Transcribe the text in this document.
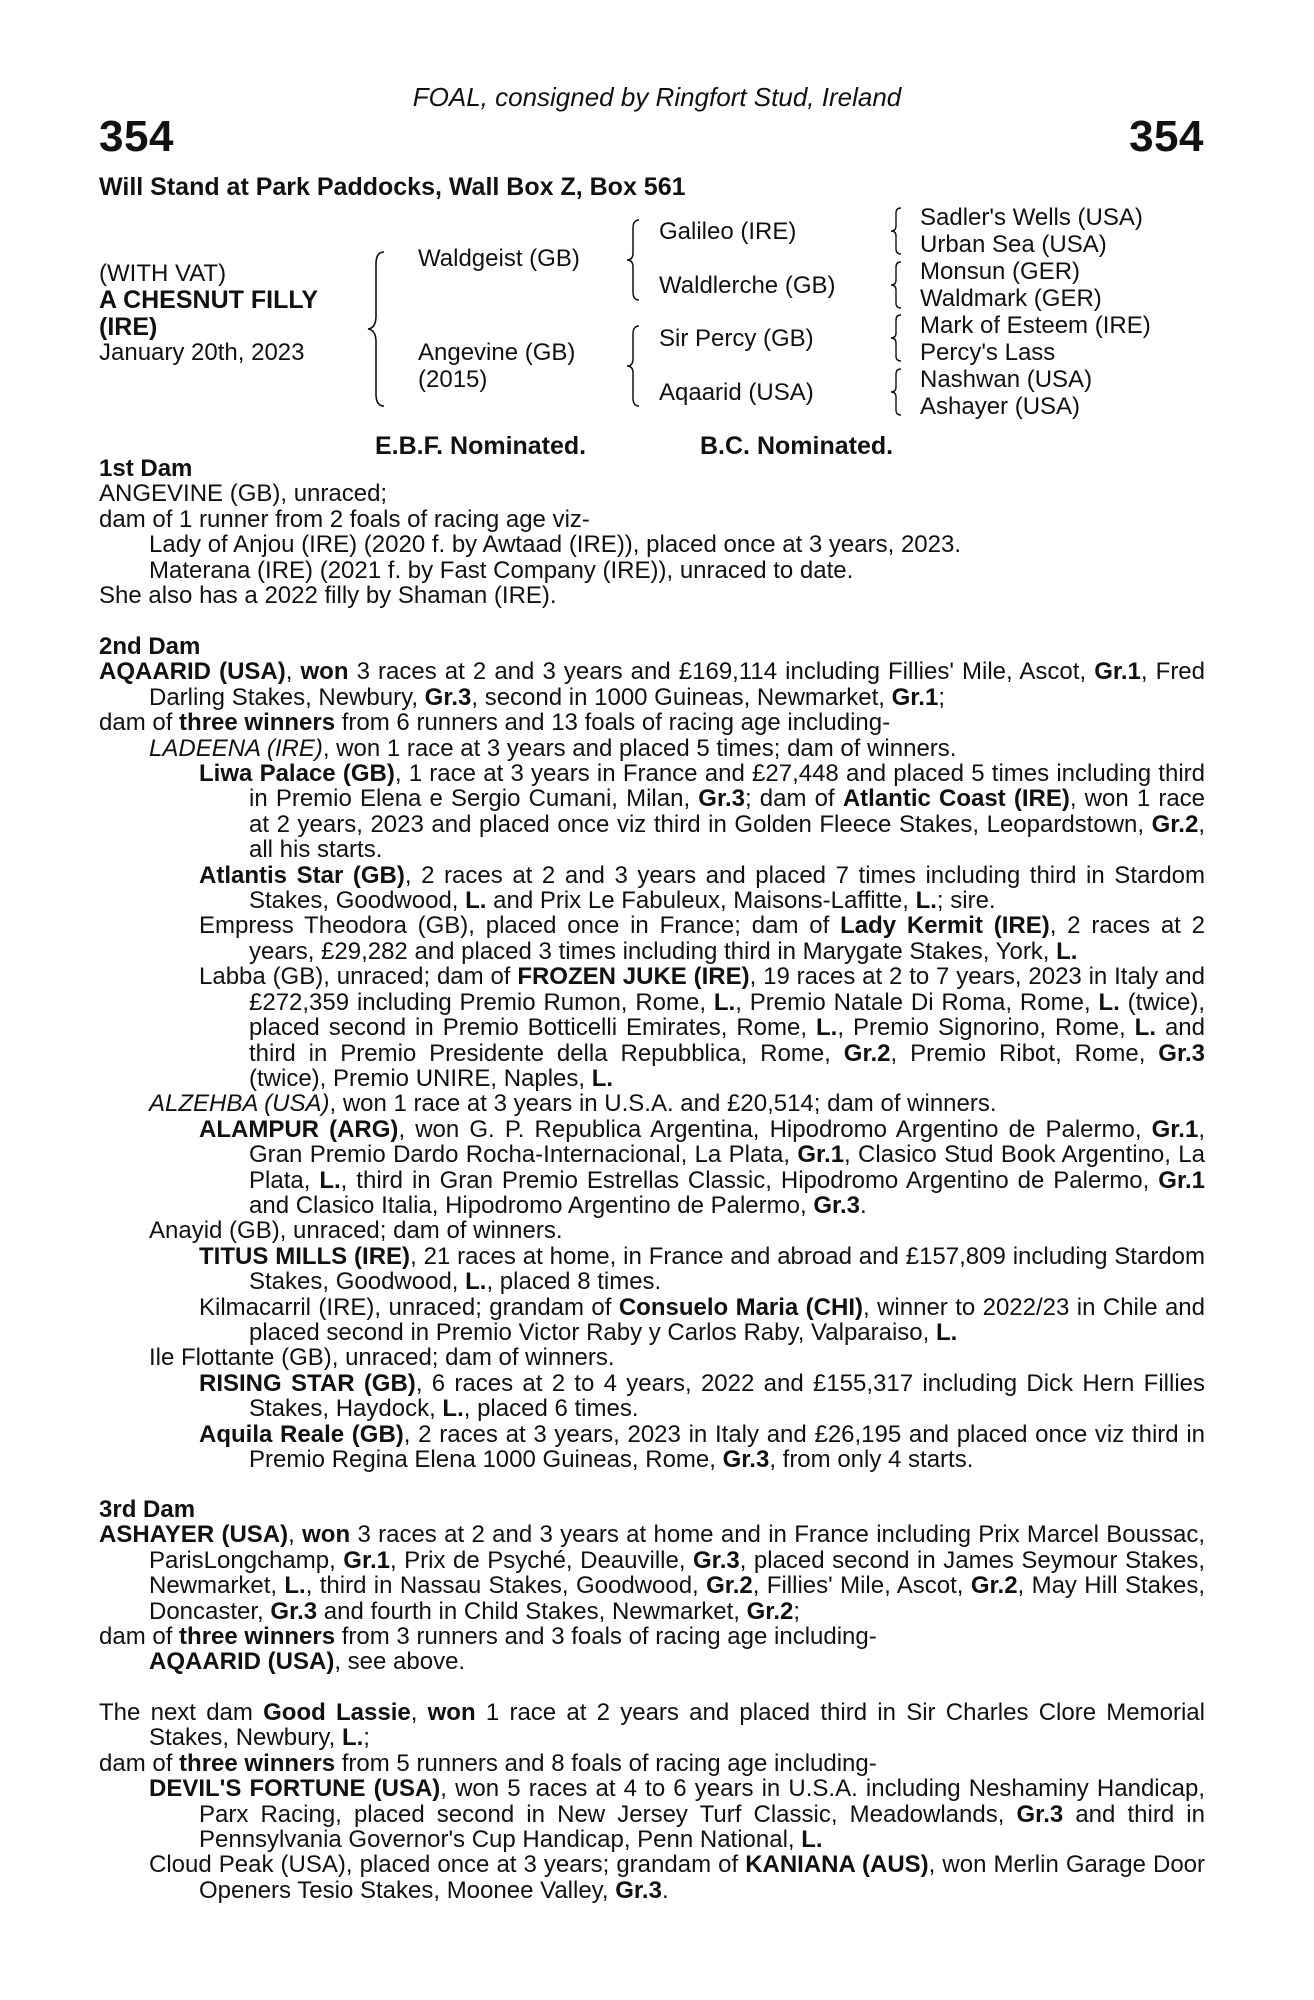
FOAL, consigned by Ringfort Stud, Ireland
354	354
Will Stand at Park Paddocks, Wall Box Z, Box 561
(WITH VAT)
A CHESNUT FILLY
(IRE)
January 20th, 2023
Waldgeist (GB)
Angevine (GB)
(2015)
Galileo (IRE)
Waldlerche (GB)
Sir Percy (GB)
Aqaarid (USA)
Sadler's Wells (USA)
Urban Sea (USA)
Monsun (GER)
Waldmark (GER)
Mark of Esteem (IRE)
Percy's Lass
Nashwan (USA)
Ashayer (USA)
E.B.F. Nominated.	B.C. Nominated.

1st Dam

ANGEVINE (GB), unraced;

dam of 1 runner from 2 foals of racing age viz-

Lady of Anjou (IRE) (2020 f. by Awtaad (IRE)), placed once at 3 years, 2023.

Materana (IRE) (2021 f. by Fast Company (IRE)), unraced to date.

She also has a 2022 filly by Shaman (IRE).

2nd Dam

AQAARID (USA), won 3 races at 2 and 3 years and £169,114 including Fillies' Mile, Ascot, Gr.1, Fred Darling Stakes, Newbury, Gr.3, second in 1000 Guineas, Newmarket, Gr.1;

dam of three winners from 6 runners and 13 foals of racing age including-

LADEENA (IRE), won 1 race at 3 years and placed 5 times; dam of winners.

Liwa Palace (GB), 1 race at 3 years in France and £27,448 and placed 5 times including third in Premio Elena e Sergio Cumani, Milan, Gr.3; dam of Atlantic Coast (IRE), won 1 race at 2 years, 2023 and placed once viz third in Golden Fleece Stakes, Leopardstown, Gr.2, all his starts.

Atlantis Star (GB), 2 races at 2 and 3 years and placed 7 times including third in Stardom Stakes, Goodwood, L. and Prix Le Fabuleux, Maisons-Laffitte, L.; sire.

Empress Theodora (GB), placed once in France; dam of Lady Kermit (IRE), 2 races at 2 years, £29,282 and placed 3 times including third in Marygate Stakes, York, L.

Labba (GB), unraced; dam of FROZEN JUKE (IRE), 19 races at 2 to 7 years, 2023 in Italy and £272,359 including Premio Rumon, Rome, L., Premio Natale Di Roma, Rome, L. (twice), placed second in Premio Botticelli Emirates, Rome, L., Premio Signorino, Rome, L. and third in Premio Presidente della Repubblica, Rome, Gr.2, Premio Ribot, Rome, Gr.3 (twice), Premio UNIRE, Naples, L.

ALZEHBA (USA), won 1 race at 3 years in U.S.A. and £20,514; dam of winners.

ALAMPUR (ARG), won G. P. Republica Argentina, Hipodromo Argentino de Palermo, Gr.1, Gran Premio Dardo Rocha-Internacional, La Plata, Gr.1, Clasico Stud Book Argentino, La Plata, L., third in Gran Premio Estrellas Classic, Hipodromo Argentino de Palermo, Gr.1 and Clasico Italia, Hipodromo Argentino de Palermo, Gr.3.

Anayid (GB), unraced; dam of winners.

TITUS MILLS (IRE), 21 races at home, in France and abroad and £157,809 including Stardom Stakes, Goodwood, L., placed 8 times.

Kilmacarril (IRE), unraced; grandam of Consuelo Maria (CHI), winner to 2022/23 in Chile and placed second in Premio Victor Raby y Carlos Raby, Valparaiso, L.

Ile Flottante (GB), unraced; dam of winners.

RISING STAR (GB), 6 races at 2 to 4 years, 2022 and £155,317 including Dick Hern Fillies Stakes, Haydock, L., placed 6 times.

Aquila Reale (GB), 2 races at 3 years, 2023 in Italy and £26,195 and placed once viz third in Premio Regina Elena 1000 Guineas, Rome, Gr.3, from only 4 starts.

3rd Dam

ASHAYER (USA), won 3 races at 2 and 3 years at home and in France including Prix Marcel Boussac, ParisLongchamp, Gr.1, Prix de Psyché, Deauville, Gr.3, placed second in James Seymour Stakes, Newmarket, L., third in Nassau Stakes, Goodwood, Gr.2, Fillies' Mile, Ascot, Gr.2, May Hill Stakes, Doncaster, Gr.3 and fourth in Child Stakes, Newmarket, Gr.2;

dam of three winners from 3 runners and 3 foals of racing age including-

AQAARID (USA), see above.

The next dam Good Lassie, won 1 race at 2 years and placed third in Sir Charles Clore Memorial Stakes, Newbury, L.;

dam of three winners from 5 runners and 8 foals of racing age including-

DEVIL'S FORTUNE (USA), won 5 races at 4 to 6 years in U.S.A. including Neshaminy Handicap, Parx Racing, placed second in New Jersey Turf Classic, Meadowlands, Gr.3 and third in Pennsylvania Governor's Cup Handicap, Penn National, L.

Cloud Peak (USA), placed once at 3 years; grandam of KANIANA (AUS), won Merlin Garage Door Openers Tesio Stakes, Moonee Valley, Gr.3.
